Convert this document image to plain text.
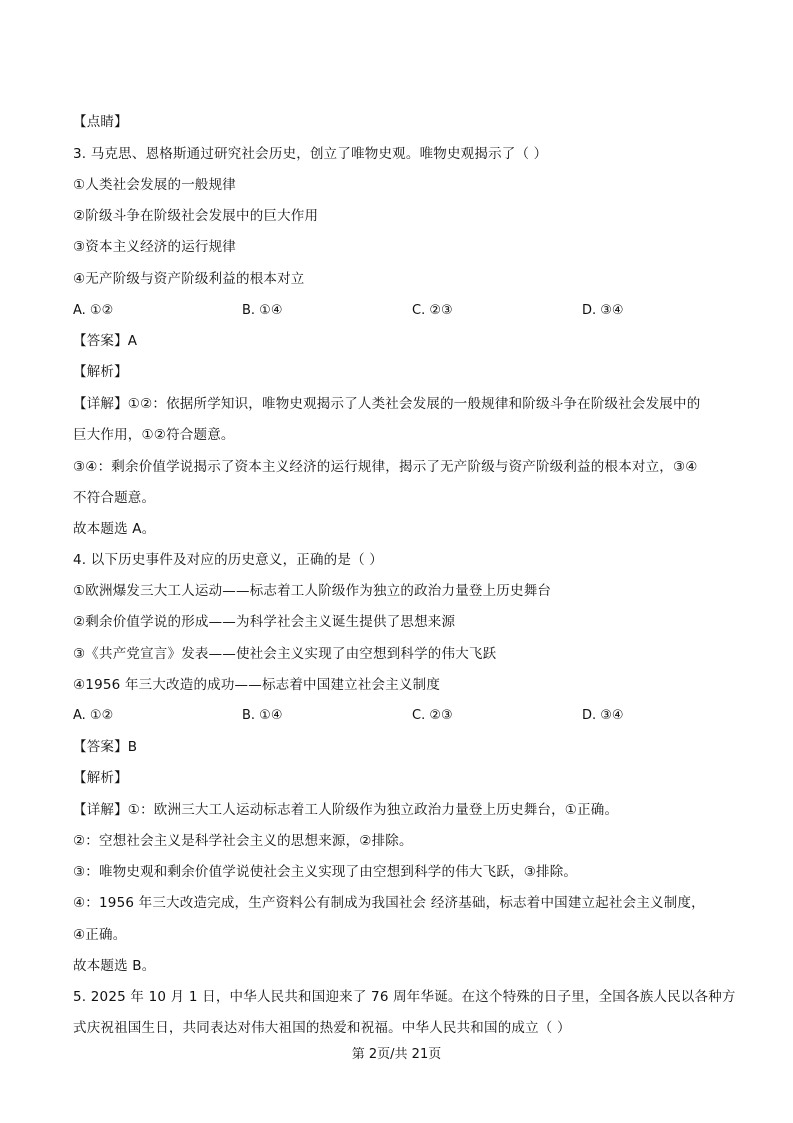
【点睛】
3. 马克思、恩格斯通过研究社会历史，创立了唯物史观。唯物史观揭示了（ ）
①人类社会发展的一般规律
②阶级斗争在阶级社会发展中的巨大作用
③资本主义经济的运行规律
④无产阶级与资产阶级利益的根本对立
A. ①②	B. ①④	C. ②③	D. ③④
【答案】A
【解析】
【详解】①②：依据所学知识，唯物史观揭示了人类社会发展的一般规律和阶级斗争在阶级社会发展中的
巨大作用，①②符合题意。
③④：剩余价值学说揭示了资本主义经济的运行规律，揭示了无产阶级与资产阶级利益的根本对立，③④
不符合题意。
故本题选 A。
4. 以下历史事件及对应的历史意义，正确的是（ ）
①欧洲爆发三大工人运动——标志着工人阶级作为独立的政治力量登上历史舞台
②剩余价值学说的形成——为科学社会主义诞生提供了思想来源
③《共产党宣言》发表——使社会主义实现了由空想到科学的伟大飞跃
④1956 年三大改造的成功——标志着中国建立社会主义制度
A. ①②	B. ①④	C. ②③	D. ③④
【答案】B
【解析】
【详解】①：欧洲三大工人运动标志着工人阶级作为独立政治力量登上历史舞台，①正确。
②：空想社会主义是科学社会主义的思想来源，②排除。
③：唯物史观和剩余价值学说使社会主义实现了由空想到科学的伟大飞跃，③排除。
④：1956 年三大改造完成，生产资料公有制成为我国社会 经济基础，标志着中国建立起社会主义制度，
④正确。
故本题选 B。
5. 2025 年 10 月 1 日，中华人民共和国迎来了 76 周年华诞。在这个特殊的日子里，全国各族人民以各种方
式庆祝祖国生日，共同表达对伟大祖国的热爱和祝福。中华人民共和国的成立（ ）
第 2页/共 21页
